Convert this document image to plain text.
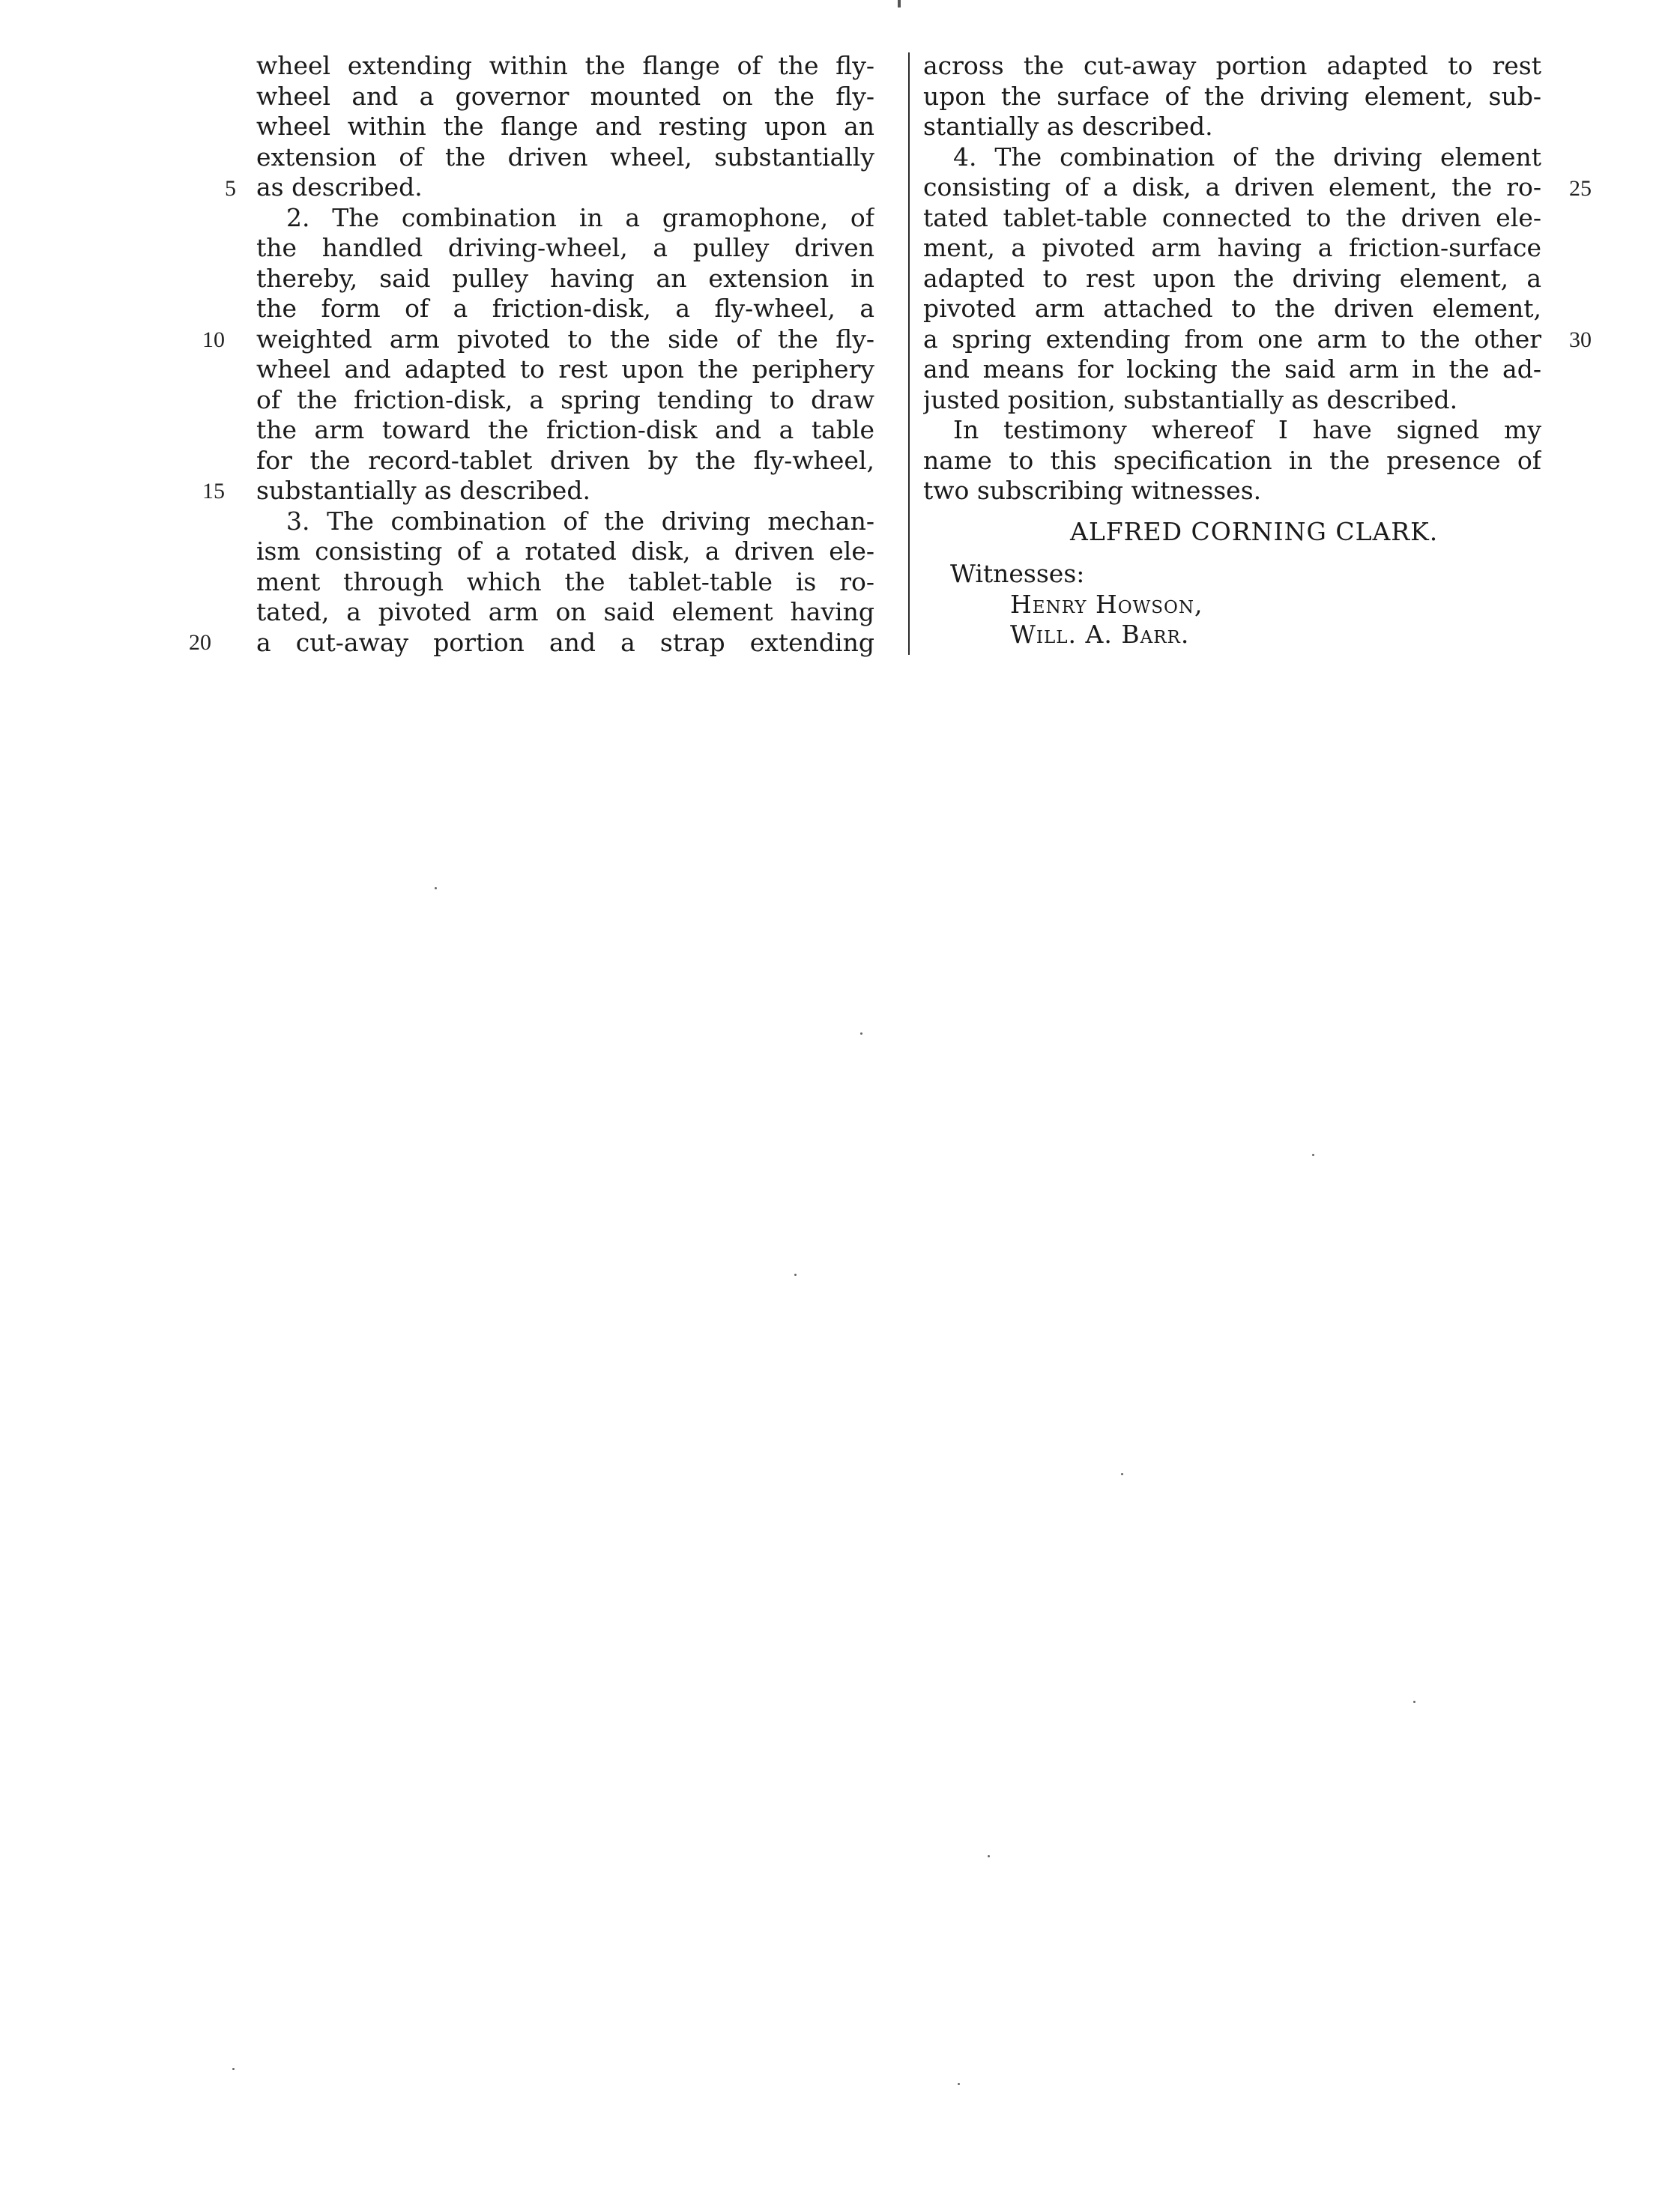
wheel extending within the flange of the fly-
wheel and a governor mounted on the fly-
wheel within the flange and resting upon an
extension of the driven wheel, substantially
as described.
2. The combination in a gramophone, of
the handled driving-wheel, a pulley driven
thereby, said pulley having an extension in
the form of a friction-disk, a fly-wheel, a
weighted arm pivoted to the side of the fly-
wheel and adapted to rest upon the periphery
of the friction-disk, a spring tending to draw
the arm toward the friction-disk and a table
for the record-tablet driven by the fly-wheel,
substantially as described.
3. The combination of the driving mechan-
ism consisting of a rotated disk, a driven ele-
ment through which the tablet-table is ro-
tated, a pivoted arm on said element having
a cut-away portion and a strap extending
across the cut-away portion adapted to rest
upon the surface of the driving element, sub-
stantially as described.
4. The combination of the driving element
consisting of a disk, a driven element, the ro-
tated tablet-table connected to the driven ele-
ment, a pivoted arm having a friction-surface
adapted to rest upon the driving element, a
pivoted arm attached to the driven element,
a spring extending from one arm to the other
and means for locking the said arm in the ad-
justed position, substantially as described.
In testimony whereof I have signed my
name to this specification in the presence of
two subscribing witnesses.
ALFRED CORNING CLARK.
Witnesses:
Henry Howson,
Will. A. Barr.
5
10
15
20
25
30
